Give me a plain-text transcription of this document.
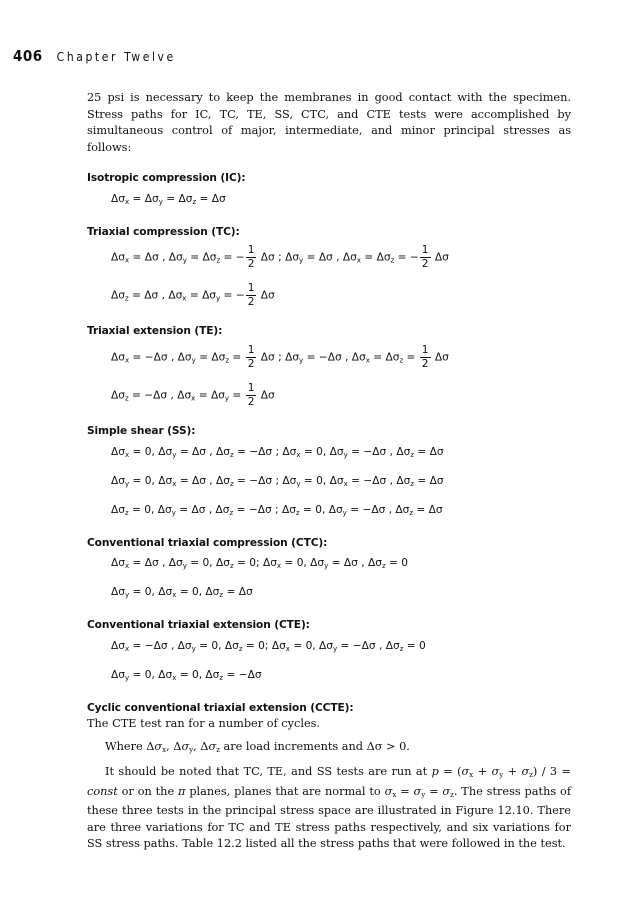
406 Chapter Twelve

25 psi is necessary to keep the membranes in good contact with the specimen. Stress paths for IC, TC, TE, SS, CTC, and CTE tests were accomplished by simultaneous control of major, intermediate, and minor principal stresses as follows:

Isotropic compression (IC):
$\Delta\sigma_x = \Delta\sigma_y = \Delta\sigma_z = \Delta\sigma$
Triaxial compression (TC):
$\Delta\sigma_x = \Delta\sigma$ , $\Delta\sigma_y = \Delta\sigma_z$ = − $\frac{1}{2}$ Δσ ; $\Delta\sigma_y = \Delta\sigma$ , $\Delta\sigma_x = \Delta\sigma_z$ = − $\frac{1}{2}$ Δσ
$\Delta\sigma_z = \Delta\sigma$ , $\Delta\sigma_x = \Delta\sigma_y$ = − $\frac{1}{2}$ Δσ
Triaxial extension (TE):
$\Delta\sigma_x = -\Delta\sigma$ , $\Delta\sigma_y = \Delta\sigma_z = \frac{1}{2}$ Δσ ; $\Delta\sigma_y = -\Delta\sigma$ , $\Delta\sigma_x = \Delta\sigma_z = \frac{1}{2}$ Δσ
$\Delta\sigma_z = -\Delta\sigma$ , $\Delta\sigma_x = \Delta\sigma_y = \frac{1}{2}$ Δσ
Simple shear (SS):
$\Delta\sigma_x = 0$, $\Delta\sigma_y = \Delta\sigma$ , $\Delta\sigma_z = -\Delta\sigma$ ; $\Delta\sigma_x = 0$, $\Delta\sigma_y = -\Delta\sigma$ , $\Delta\sigma_z = \Delta\sigma$
$\Delta\sigma_y = 0$, $\Delta\sigma_x = \Delta\sigma$ , $\Delta\sigma_z = -\Delta\sigma$ ; $\Delta\sigma_y = 0$, $\Delta\sigma_x = -\Delta\sigma$ , $\Delta\sigma_z = \Delta\sigma$
$\Delta\sigma_z = 0$, $\Delta\sigma_y = \Delta\sigma$ , $\Delta\sigma_z = -\Delta\sigma$ ; $\Delta\sigma_z = 0$, $\Delta\sigma_y = -\Delta\sigma$ , $\Delta\sigma_z = \Delta\sigma$
Conventional triaxial compression (CTC):
$\Delta\sigma_x = \Delta\sigma$ , $\Delta\sigma_y = 0$, $\Delta\sigma_z = 0$; $\Delta\sigma_x = 0$, $\Delta\sigma_y = \Delta\sigma$ , $\Delta\sigma_z = 0$
$\Delta\sigma_y = 0$, $\Delta\sigma_x = 0$, $\Delta\sigma_z = \Delta\sigma$
Conventional triaxial extension (CTE):
$\Delta\sigma_x = -\Delta\sigma$ , $\Delta\sigma_y = 0$, $\Delta\sigma_z = 0$; $\Delta\sigma_x = 0$, $\Delta\sigma_y = -\Delta\sigma$ , $\Delta\sigma_z = 0$
$\Delta\sigma_y = 0$, $\Delta\sigma_x = 0$, $\Delta\sigma_z = -\Delta\sigma$
Cyclic conventional triaxial extension (CCTE):

The CTE test ran for a number of cycles.

Where $\Delta\sigma_x$, $\Delta\sigma_y$, $\Delta\sigma_z$ are load increments and Δσ > 0.

It should be noted that TC, TE, and SS tests are run at $p = (\sigma_x + \sigma_y + \sigma_z) / 3$ = const or on the π planes, planes that are normal to $\sigma_x = \sigma_y = \sigma_z$. The stress paths of these three tests in the principal stress space are illustrated in Figure 12.10. There are three variations for TC and TE stress paths respectively, and six variations for SS stress paths. Table 12.2 listed all the stress paths that were followed in the test.
